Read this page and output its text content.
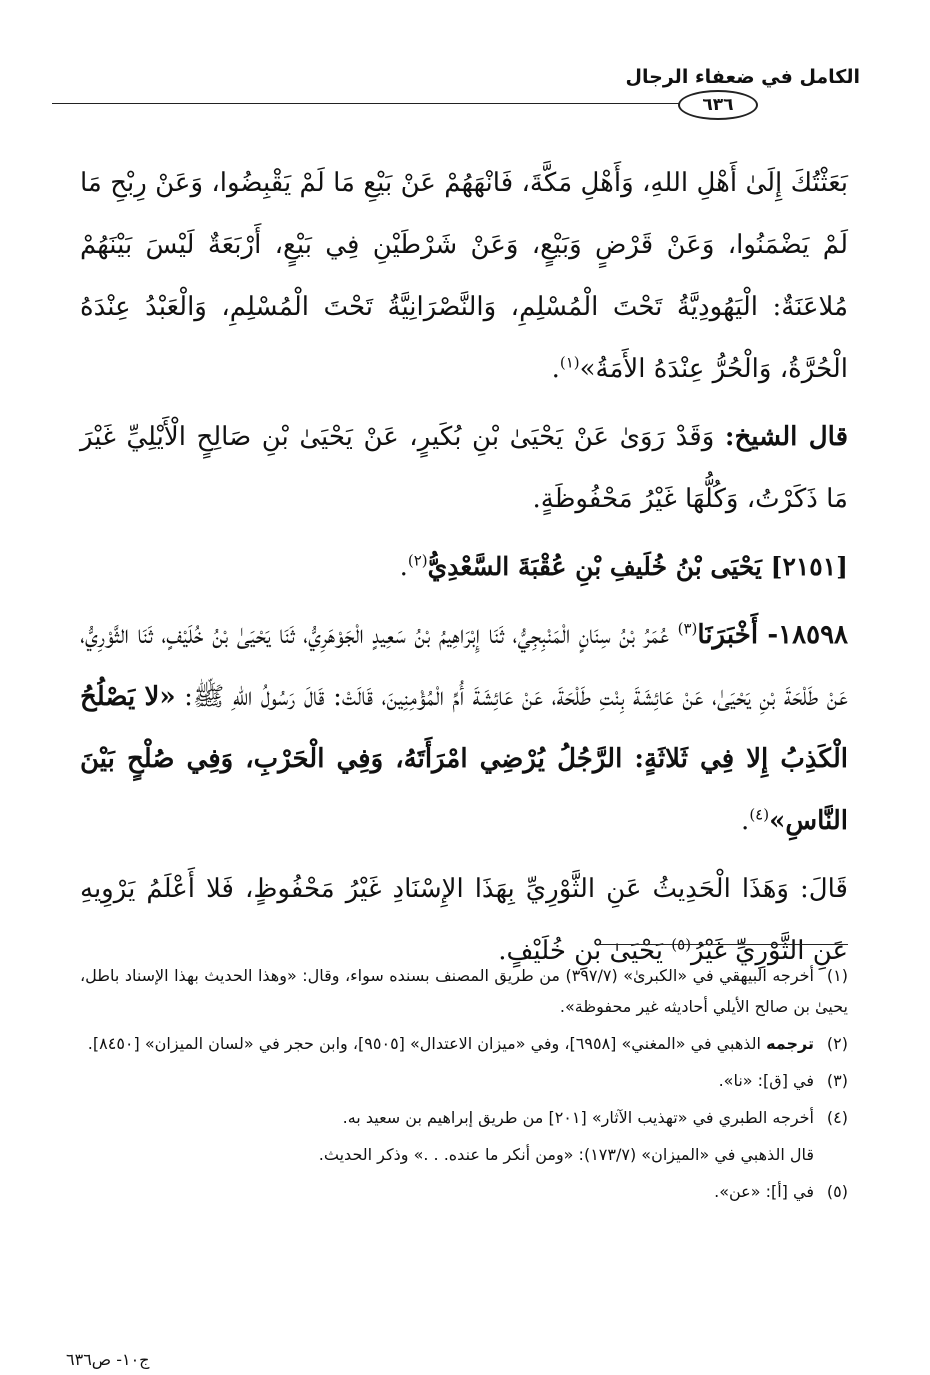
الكامل في ضعفاء الرجال
٦٣٦

بَعَثْتُكَ إِلَىٰ أَهْلِ اللهِ، وَأَهْلِ مَكَّةَ، فَانْهَهُمْ عَنْ بَيْعِ مَا لَمْ يَقْبِضُوا، وَعَنْ رِبْحِ مَا لَمْ يَضْمَنُوا، وَعَنْ قَرْضٍ وَبَيْعٍ، وَعَنْ شَرْطَيْنِ فِي بَيْعٍ، أَرْبَعَةٌ لَيْسَ بَيْنَهُمْ مُلاعَنَةٌ: الْيَهُودِيَّةُ تَحْتَ الْمُسْلِمِ، وَالنَّصْرَانِيَّةُ تَحْتَ الْمُسْلِمِ، وَالْعَبْدُ عِنْدَهُ الْحُرَّةُ، وَالْحُرُّ عِنْدَهُ الأَمَةُ»$^{(١)}$.

قال الشيخ: وَقَدْ رَوَىٰ عَنْ يَحْيَىٰ بْنِ بُكَيرٍ، عَنْ يَحْيَىٰ بْنِ صَالِحٍ الْأَيْلِيِّ غَيْرَ مَا ذَكَرْتُ، وَكُلُّهَا غَيْرُ مَحْفُوظَةٍ.

[٢١٥١] يَحْيَى بْنُ خُلَيفِ بْنِ عُقْبَةَ السَّعْدِيُّ$^{(٢)}$.

١٨٥٩٨- أَخْبَرَنَا$^{(٣)}$ عُمَرُ بْنُ سِنَانٍ الْمَنْبِجِيُّ، ثَنَا إِبْرَاهِيمُ بْنُ سَعِيدٍ الْجَوْهَرِيُّ، ثَنَا يَحْيَىٰ بْنُ خُلَيْفٍ، ثَنَا الثَّوْرِيُّ، عَنْ طَلْحَةَ بْنِ يَحْيَىٰ، عَنْ عَائِشَةَ بِنْتِ طَلْحَةَ، عَنْ عَائِشَةَ أُمِّ الْمُؤْمِنِينَ، قَالَتْ: قَالَ رَسُولُ اللهِ ﷺ: «لا يَصْلُحُ الْكَذِبُ إِلا فِي ثَلاثَةٍ: الرَّجُلُ يُرْضِي امْرَأَتَهُ، وَفِي الْحَرْبِ، وَفِي صُلْحٍ بَيْنَ النَّاسِ»$^{(٤)}$.

قَالَ: وَهَذَا الْحَدِيثُ عَنِ الثَّوْرِيِّ بِهَذَا الإِسْنَادِ غَيْرُ مَحْفُوظٍ، فَلا أَعْلَمُ يَرْوِيهِ عَنِ الثَّوْرِيِّ غَيْرُ$^{(٥)}$ يَحْيَىٰ بْنِ خُلَيْفٍ.

(١)أخرجه البيهقي في «الكبرىٰ» (٣٩٧/٧) من طريق المصنف بسنده سواء، وقال: «وهذا الحديث بهذا الإسناد باطل، يحيىٰ بن صالح الأيلي أحاديثه غير محفوظة».

(٢)ترجمه الذهبي في «المغني» [٦٩٥٨]، وفي «ميزان الاعتدال» [٩٥٠٥]، وابن حجر في «لسان الميزان» [٨٤٥٠].

(٣)في [ق]: «نا».

(٤)أخرجه الطبري في «تهذيب الآثار» [٢٠١] من طريق إبراهيم بن سعيد به.

قال الذهبي في «الميزان» (١٧٣/٧): «ومن أنكر ما عنده. . .» وذكر الحديث.

(٥)في [أ]: «عن».

ج١٠- ص٦٣٦
